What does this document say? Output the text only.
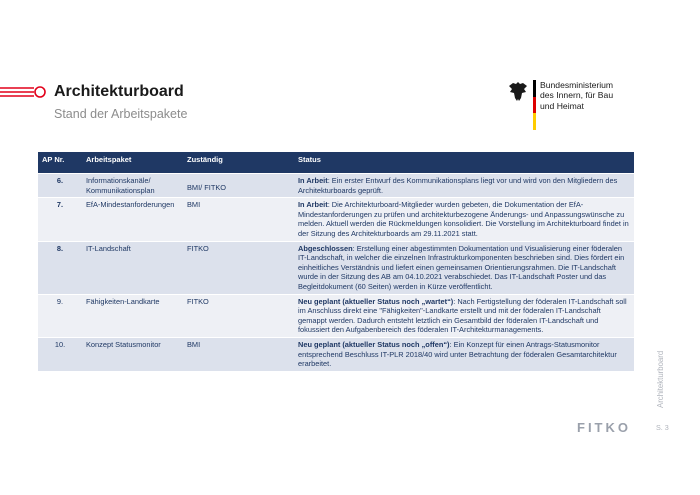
Architekturboard
Stand der Arbeitspakete
Bundesministerium
des Innern, für Bau
und Heimat
AP Nr.	Arbeitspaket	Zuständig	Status
6.	Informationskanäle/ Kommunikationsplan	BMI/ FITKO	In Arbeit: Ein erster Entwurf des Kommunikationsplans liegt vor und wird von den Mitgliedern des Architekturboards geprüft.
7.	EfA-Mindestanforderungen	BMI	In Arbeit: Die Architekturboard-Mitglieder wurden gebeten, die Dokumentation der EfA-Mindestanforderungen zu prüfen und architekturbezogene Änderungs- und Anpassungswünsche zu melden. Aktuell werden die Rückmeldungen konsolidiert. Die Vorstellung im Architekturboard findet in der Sitzung des Architekturboards am 29.11.2021 statt.
8.	IT-Landschaft	FITKO	Abgeschlossen: Erstellung einer abgestimmten Dokumentation und Visualisierung einer föderalen IT-Landschaft, in welcher die einzelnen Infrastrukturkomponenten beschrieben sind. Dies fördert ein einheitliches Verständnis und liefert einen gemeinsamen Orientierungsrahmen. Die IT-Landschaft wurde in der Sitzung des AB am 04.10.2021 verabschiedet. Das IT-Landschaft Poster und das Begleitdokument (60 Seiten) werden in Kürze veröffentlicht.
9.	Fähigkeiten-Landkarte	FITKO	Neu geplant (aktueller Status noch „wartet“): Nach Fertigstellung der föderalen IT-Landschaft soll im Anschluss direkt eine "Fähigkeiten"-Landkarte erstellt und mit der föderalen IT-Landschaft gemappt werden. Dadurch entsteht letztlich ein Gesamtbild der föderalen IT-Landschaft und fokussiert den Aufgabenbereich des föderalen IT-Architekturmanagements.
10.	Konzept Statusmonitor	BMI	Neu geplant (aktueller Status noch „offen“): Ein Konzept für einen Antrags-Statusmonitor entsprechend Beschluss IT-PLR 2018/40 wird unter Betrachtung der föderalen Gesamtarchitektur erarbeitet.	Architekturboard
FITKO	S. 3
